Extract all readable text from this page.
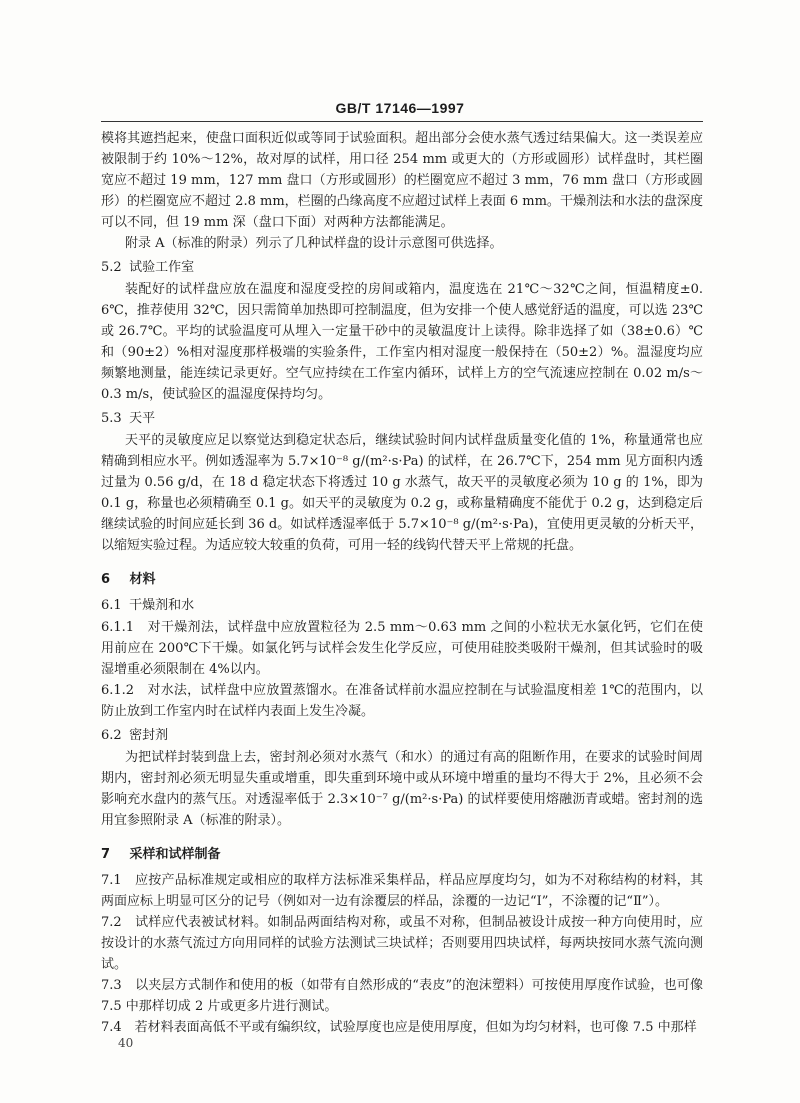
GB/T 17146—1997
模将其遮挡起来，使盘口面积近似或等同于试验面积。超出部分会使水蒸气透过结果偏大。这一类误差应被限制于约 10%～12%，故对厚的试样，用口径 254 mm 或更大的（方形或圆形）试样盘时，其栏圈宽应不超过 19 mm，127 mm 盘口（方形或圆形）的栏圈宽应不超过 3 mm，76 mm 盘口（方形或圆形）的栏圈宽应不超过 2.8 mm，栏圈的凸缘高度不应超过试样上表面 6 mm。干燥剂法和水法的盘深度可以不同，但 19 mm 深（盘口下面）对两种方法都能满足。
附录 A（标准的附录）列示了几种试样盘的设计示意图可供选择。
5.2 试验工作室
装配好的试样盘应放在温度和湿度受控的房间或箱内，温度选在 21℃～32℃之间，恒温精度±0.6℃，推荐使用 32℃，因只需简单加热即可控制温度，但为安排一个使人感觉舒适的温度，可以选 23℃或 26.7℃。平均的试验温度可从埋入一定量干砂中的灵敏温度计上读得。除非选择了如（38±0.6）℃和（90±2）%相对湿度那样极端的实验条件，工作室内相对湿度一般保持在（50±2）%。温湿度均应频繁地测量，能连续记录更好。空气应持续在工作室内循环，试样上方的空气流速应控制在 0.02 m/s～0.3 m/s，使试验区的温湿度保持均匀。
5.3 天平
天平的灵敏度应足以察觉达到稳定状态后，继续试验时间内试样盘质量变化值的 1%，称量通常也应精确到相应水平。例如透湿率为 5.7×10⁻⁸ g/(m²·s·Pa) 的试样，在 26.7℃下，254 mm 见方面积内透过量为 0.56 g/d，在 18 d 稳定状态下将透过 10 g 水蒸气，故天平的灵敏度必须为 10 g 的 1%，即为 0.1 g，称量也必须精确至 0.1 g。如天平的灵敏度为 0.2 g，或称量精确度不能优于 0.2 g，达到稳定后继续试验的时间应延长到 36 d。如试样透湿率低于 5.7×10⁻⁸ g/(m²·s·Pa)，宜使用更灵敏的分析天平，以缩短实验过程。为适应较大较重的负荷，可用一轻的线钩代替天平上常规的托盘。
6 材料
6.1 干燥剂和水
6.1.1　对干燥剂法，试样盘中应放置粒径为 2.5 mm～0.63 mm 之间的小粒状无水氯化钙，它们在使用前应在 200℃下干燥。如氯化钙与试样会发生化学反应，可使用硅胶类吸附干燥剂，但其试验时的吸湿增重必须限制在 4%以内。
6.1.2　对水法，试样盘中应放置蒸馏水。在准备试样前水温应控制在与试验温度相差 1℃的范围内，以防止放到工作室内时在试样内表面上发生冷凝。
6.2 密封剂
为把试样封装到盘上去，密封剂必须对水蒸气（和水）的通过有高的阻断作用，在要求的试验时间周期内，密封剂必须无明显失重或增重，即失重到环境中或从环境中增重的量均不得大于 2%，且必须不会影响充水盘内的蒸气压。对透湿率低于 2.3×10⁻⁷ g/(m²·s·Pa) 的试样要使用熔融沥青或蜡。密封剂的选用宜参照附录 A（标准的附录）。
7 采样和试样制备
7.1　应按产品标准规定或相应的取样方法标准采集样品，样品应厚度均匀，如为不对称结构的材料，其两面应标上明显可区分的记号（例如对一边有涂覆层的样品，涂覆的一边记“Ⅰ”，不涂覆的记“Ⅱ”）。
7.2　试样应代表被试材料。如制品两面结构对称，或虽不对称，但制品被设计成按一种方向使用时，应按设计的水蒸气流过方向用同样的试验方法测试三块试样；否则要用四块试样，每两块按同水蒸气流向测试。
7.3　以夹层方式制作和使用的板（如带有自然形成的“表皮”的泡沫塑料）可按使用厚度作试验，也可像 7.5 中那样切成 2 片或更多片进行测试。
7.4　若材料表面高低不平或有编织纹，试验厚度也应是使用厚度，但如为均匀材料，也可像 7.5 中那样
40
